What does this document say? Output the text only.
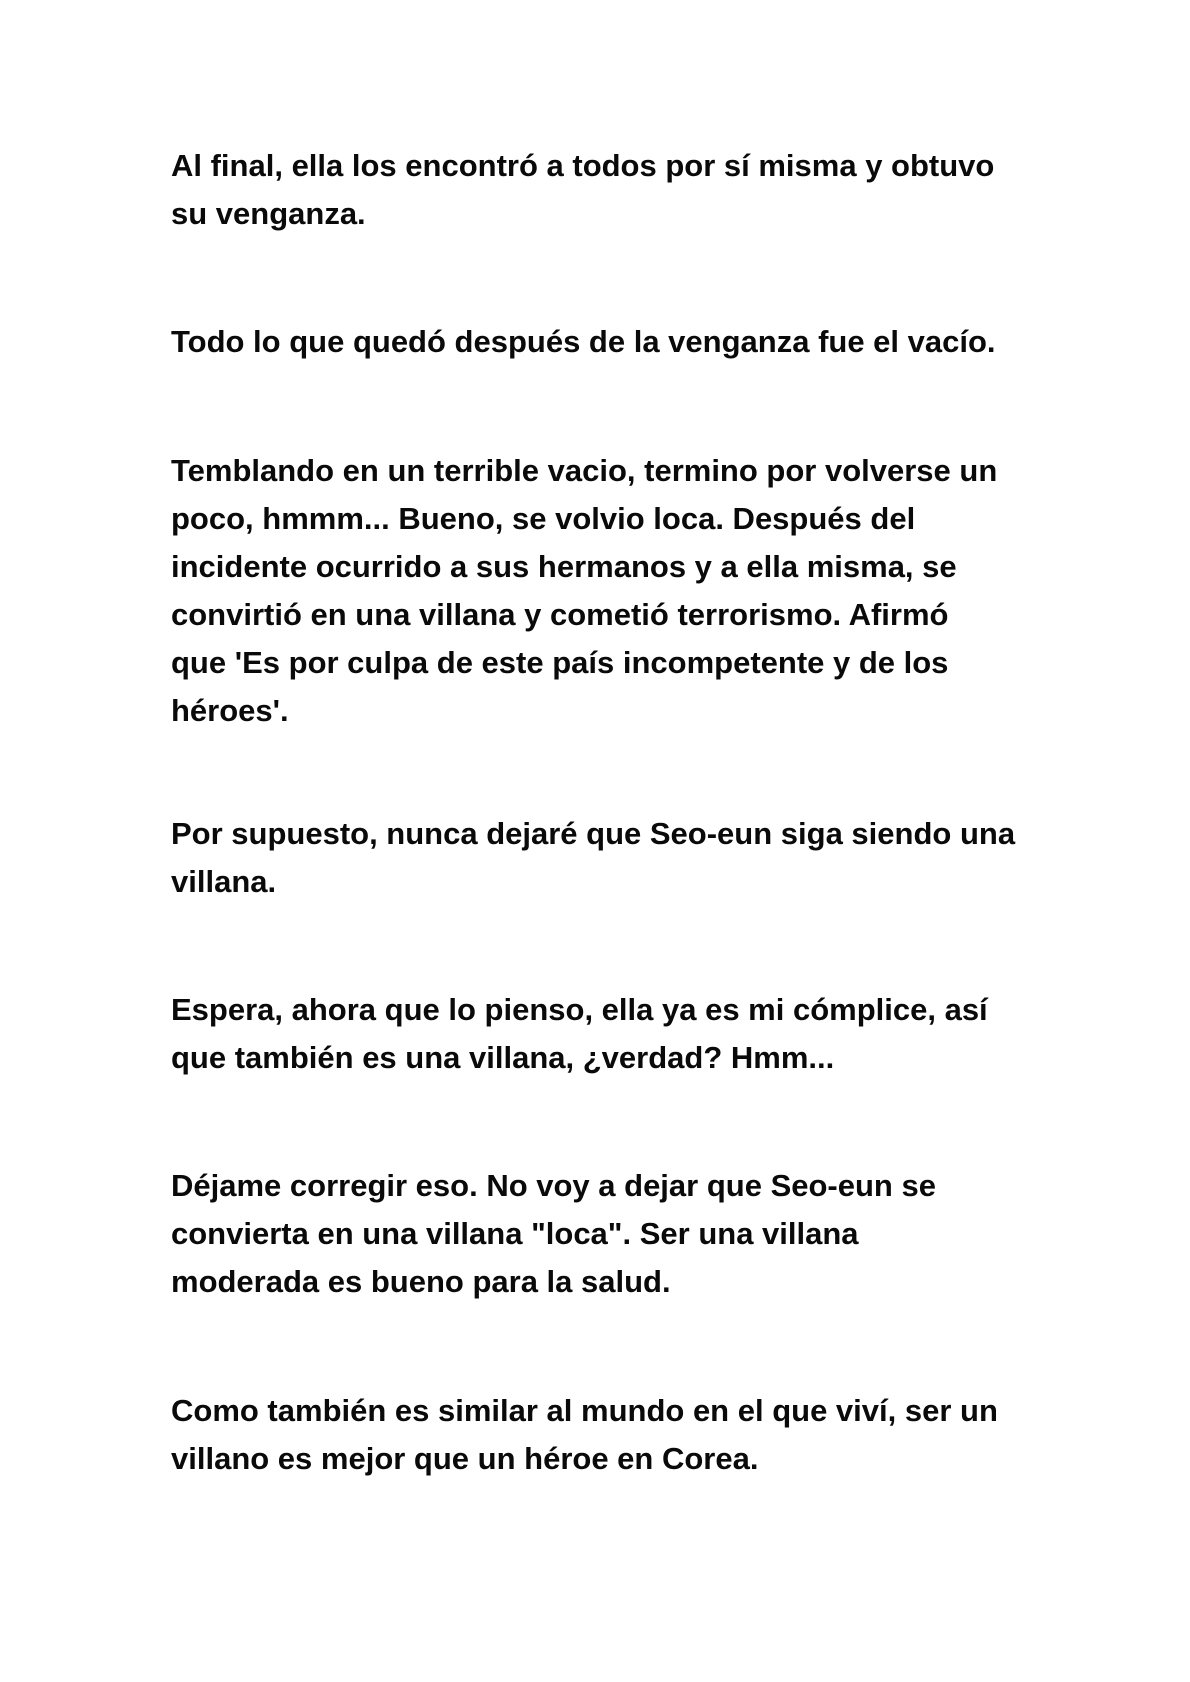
Al final, ella los encontró a todos por sí misma y obtuvo
su venganza.

Todo lo que quedó después de la venganza fue el vacío.

Temblando en un terrible vacio, termino por volverse un
poco, hmmm... Bueno, se volvio loca. Después del
incidente ocurrido a sus hermanos y a ella misma, se
convirtió en una villana y cometió terrorismo. Afirmó
que 'Es por culpa de este país incompetente y de los
héroes'.

Por supuesto, nunca dejaré que Seo-eun siga siendo una
villana.

Espera, ahora que lo pienso, ella ya es mi cómplice, así
que también es una villana, ¿verdad? Hmm...

Déjame corregir eso. No voy a dejar que Seo-eun se
convierta en una villana "loca". Ser una villana
moderada es bueno para la salud.

Como también es similar al mundo en el que viví, ser un
villano es mejor que un héroe en Corea.
